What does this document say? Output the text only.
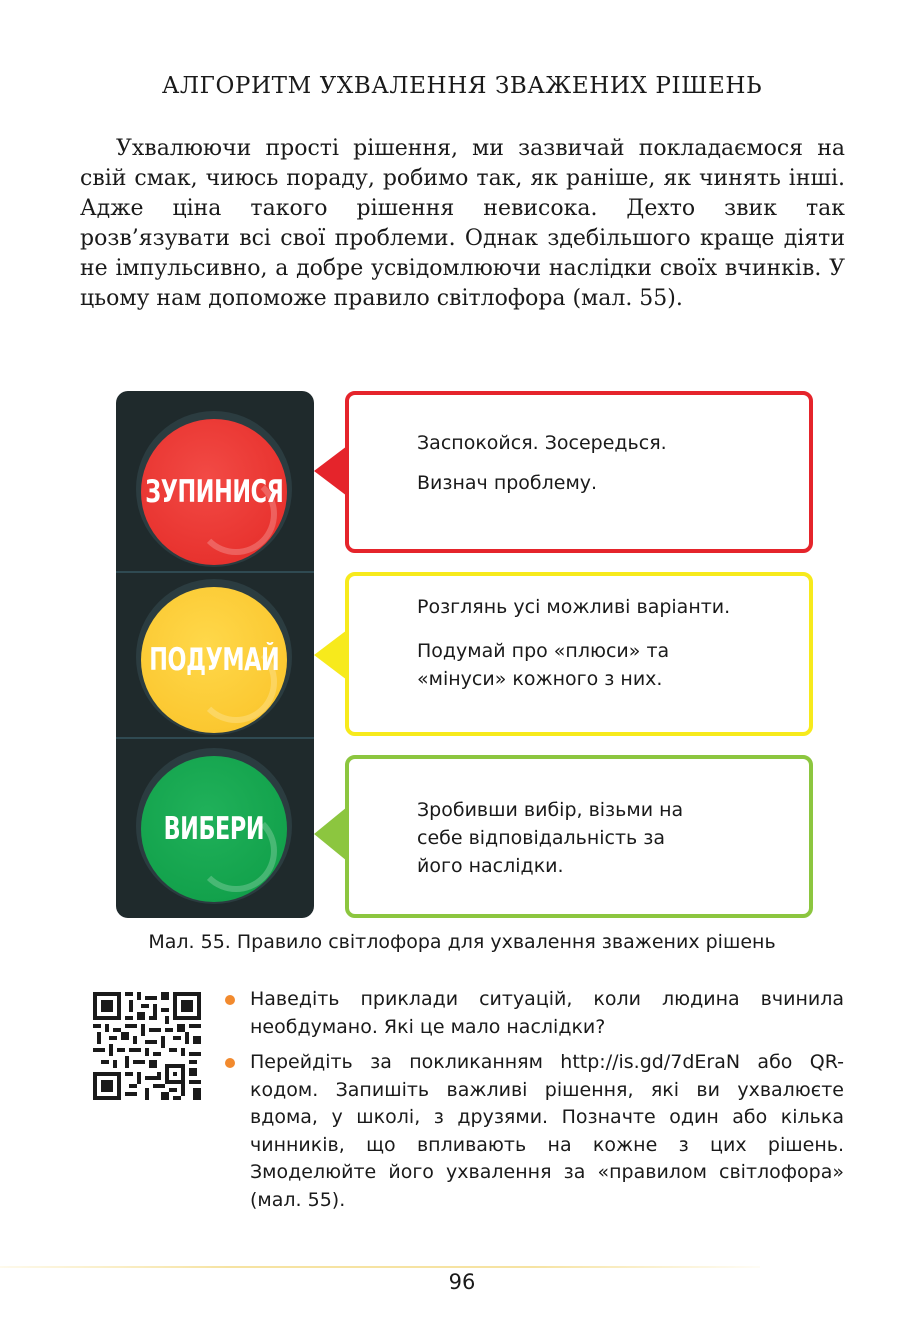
АЛГОРИТМ УХВАЛЕННЯ ЗВАЖЕНИХ РІШЕНЬ

Ухвалюючи прості рішення, ми зазвичай покладаємося на свій смак, чиюсь пораду, робимо так, як раніше, як чинять інші. Адже ціна такого рішення невисока. Дехто звик так розв’язувати всі свої проблеми. Однак здебільшого краще діяти не імпульсивно, а добре усвідомлюючи наслідки своїх вчинків. У цьому нам допоможе правило світлофора (мал. 55).

ЗУПИНИСЯ
ПОДУМАЙ
ВИБЕРИ

Заспокойся. Зосередься.

Визнач проблему.

Розглянь усі можливі варіанти.

Подумай про «плюси» та «мінуси» кожного з них.

Зробивши вибір, візьми на себе відповідальність за його наслідки.

Мал. 55. Правило світлофора для ухвалення зважених рішень

Наведіть приклади ситуацій, коли людина вчинила необдумано. Які це мало наслідки?

Перейдіть за покликанням http://is.gd/7dEraN або QR-кодом. Запишіть важливі рішення, які ви ухвалюєте вдома, у школі, з друзями. Позначте один або кілька чинників, що впливають на кожне з цих рішень. Змоделюйте його ухвалення за «правилом світлофора» (мал. 55).

96
